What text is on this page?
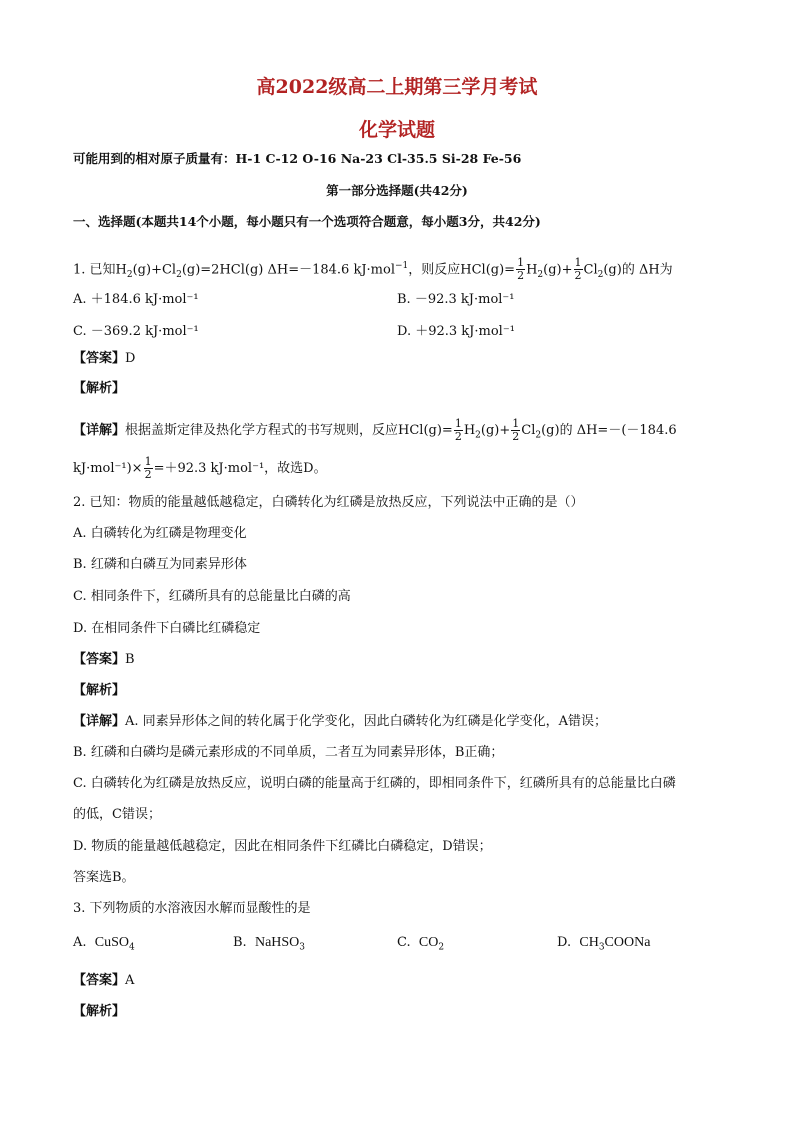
高2022级高二上期第三学月考试
化学试题
可能用到的相对原子质量有：H-1 C-12 O-16 Na-23 Cl-35.5 Si-28 Fe-56
第一部分选择题(共42分)
一、选择题(本题共14个小题，每小题只有一个选项符合题意，每小题3分，共42分)
1. 已知$H_2(g)+Cl_2(g)=2HCl(g)$ ΔH=－184.6 kJ·mol$^{-1}$，则反应$HCl(g)= \frac{1}{2} H_2(g)+ \frac{1}{2} Cl_2(g)$的 ΔH为
A. ＋184.6 kJ·mol⁻¹	B. －92.3 kJ·mol⁻¹
C. －369.2 kJ·mol⁻¹	D. ＋92.3 kJ·mol⁻¹
【答案】D
【解析】
【详解】根据盖斯定律及热化学方程式的书写规则，反应$HCl(g)= \frac{1}{2} H_2(g)+ \frac{1}{2} Cl_2(g)$的 ΔH=－(－184.6
$kJ\cdot mol^{-1})\times \frac{1}{2} =+92.3$ kJ·mol⁻¹，故选D。
2. 已知：物质的能量越低越稳定，白磷转化为红磷是放热反应，下列说法中正确的是（）
A. 白磷转化为红磷是物理变化
B. 红磷和白磷互为同素异形体
C. 相同条件下，红磷所具有的总能量比白磷的高
D. 在相同条件下白磷比红磷稳定
【答案】B
【解析】
【详解】A. 同素异形体之间的转化属于化学变化，因此白磷转化为红磷是化学变化，A错误；
B. 红磷和白磷均是磷元素形成的不同单质，二者互为同素异形体，B正确；
C. 白磷转化为红磷是放热反应，说明白磷的能量高于红磷的，即相同条件下，红磷所具有的总能量比白磷
的低，C错误；
D. 物质的能量越低越稳定，因此在相同条件下红磷比白磷稳定，D错误；
答案选B。
3. 下列物质的水溶液因水解而显酸性的是
A. CuSO$_4$	B. NaHSO$_3$	C. $CO_2$	D. $CH_3COONa$
【答案】A
【解析】
